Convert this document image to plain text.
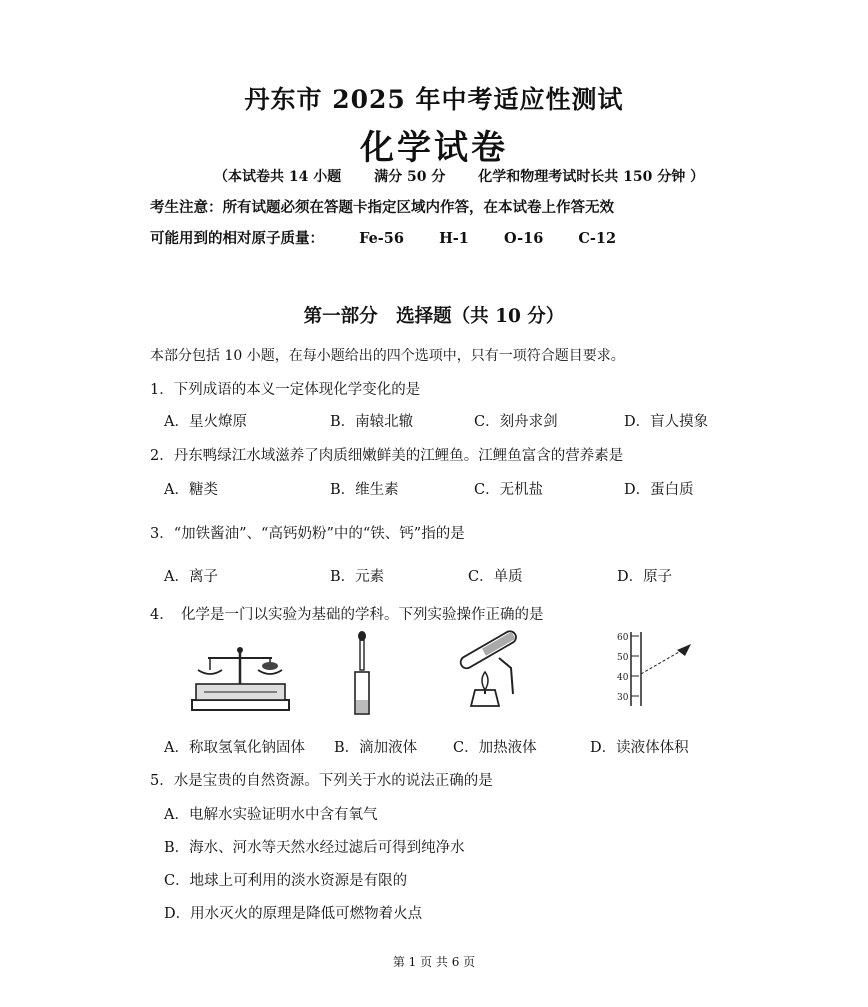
丹东市 2025 年中考适应性测试
化学试卷
（本试卷共 14 小题 满分 50 分 化学和物理考试时长共 150 分钟 ）
考生注意：所有试题必须在答题卡指定区域内作答，在本试卷上作答无效
可能用到的相对原子质量： Fe-56 H-1 O-16 C-12
第一部分　选择题（共 10 分）
本部分包括 10 小题，在每小题给出的四个选项中，只有一项符合题目要求。
1．下列成语的本义一定体现化学变化的是
A．星火燎原	B．南辕北辙	C．刻舟求剑	D．盲人摸象
2．丹东鸭绿江水域滋养了肉质细嫩鲜美的江鲤鱼。江鲤鱼富含的营养素是
A．糖类	B．维生素	C．无机盐	D．蛋白质
3．“加铁酱油”、“高钙奶粉”中的“铁、钙”指的是
A．离子	B．元素	C．单质	D．原子
4．　化学是一门以实验为基础的学科。下列实验操作正确的是
60
50
40
30
A．称取氢氧化钠固体 B．滴加液体 C．加热液体	D．读液体体积
5．水是宝贵的自然资源。下列关于水的说法正确的是
A．电解水实验证明水中含有氧气
B．海水、河水等天然水经过滤后可得到纯净水
C．地球上可利用的淡水资源是有限的
D．用水灭火的原理是降低可燃物着火点
第 1 页 共 6 页
